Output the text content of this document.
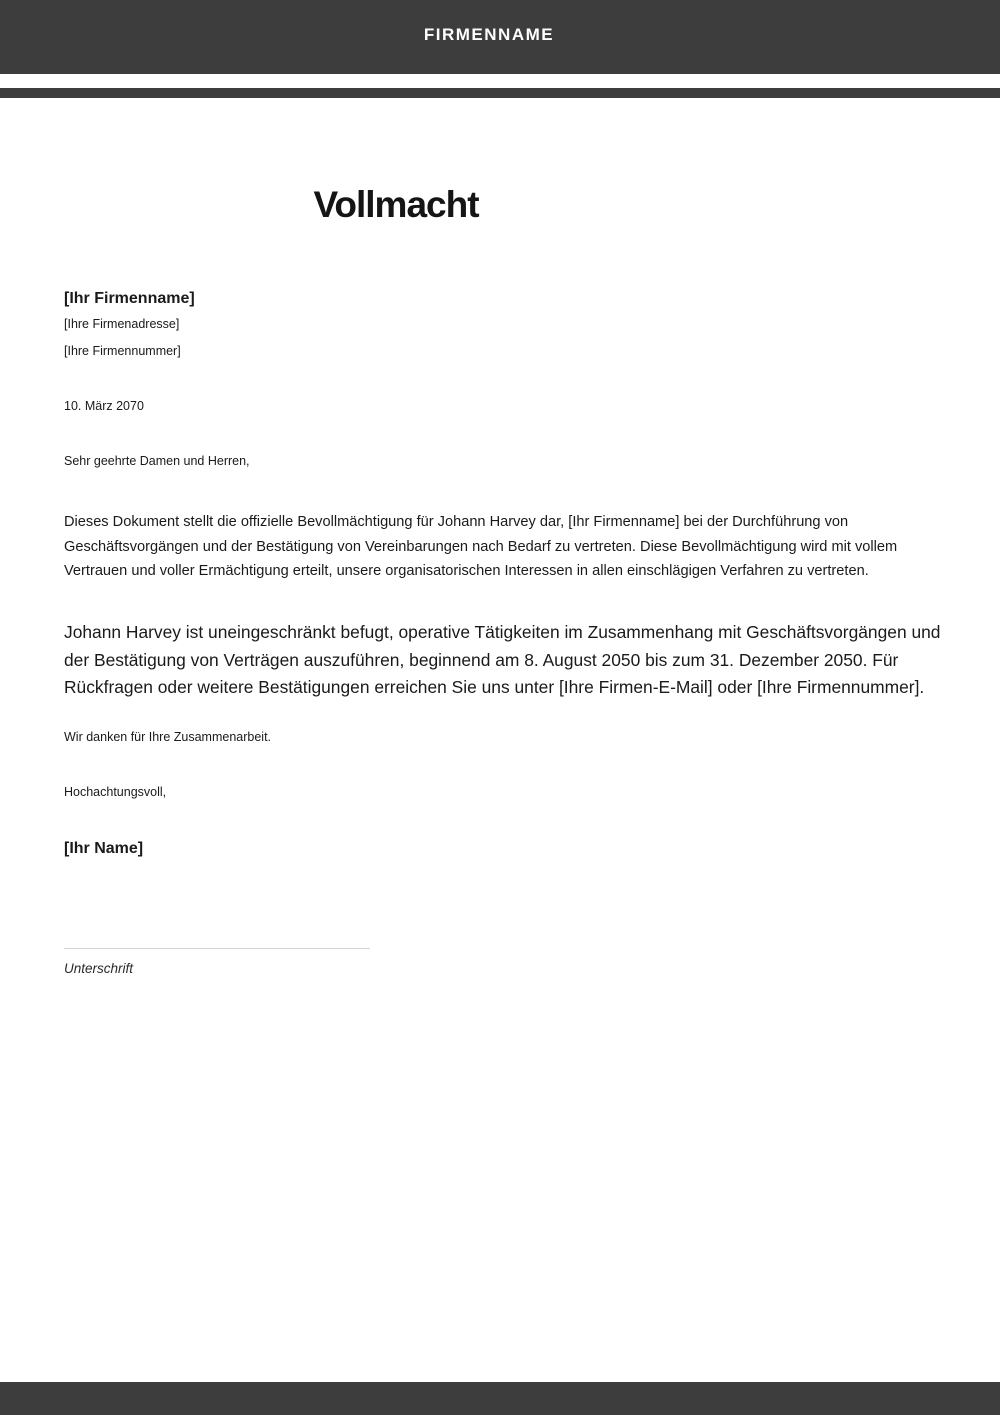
FIRMENNAME
Vollmacht

[Ihr Firmenname]

[Ihre Firmenadresse]

[Ihre Firmennummer]

10. März 2070

Sehr geehrte Damen und Herren,

Dieses Dokument stellt die offizielle Bevollmächtigung für Johann Harvey dar, [Ihr Firmenname] bei der Durchführung von Geschäftsvorgängen und der Bestätigung von Vereinbarungen nach Bedarf zu vertreten. Diese Bevollmächtigung wird mit vollem Vertrauen und voller Ermächtigung erteilt, unsere organisatorischen Interessen in allen einschlägigen Verfahren zu vertreten.

Johann Harvey ist uneingeschränkt befugt, operative Tätigkeiten im Zusammenhang mit Geschäftsvorgängen und der Bestätigung von Verträgen auszuführen, beginnend am 8. August 2050 bis zum 31. Dezember 2050. Für Rückfragen oder weitere Bestätigungen erreichen Sie uns unter [Ihre Firmen-E-Mail] oder [Ihre Firmennummer].

Wir danken für Ihre Zusammenarbeit.

Hochachtungsvoll,

[Ihr Name]

Unterschrift
